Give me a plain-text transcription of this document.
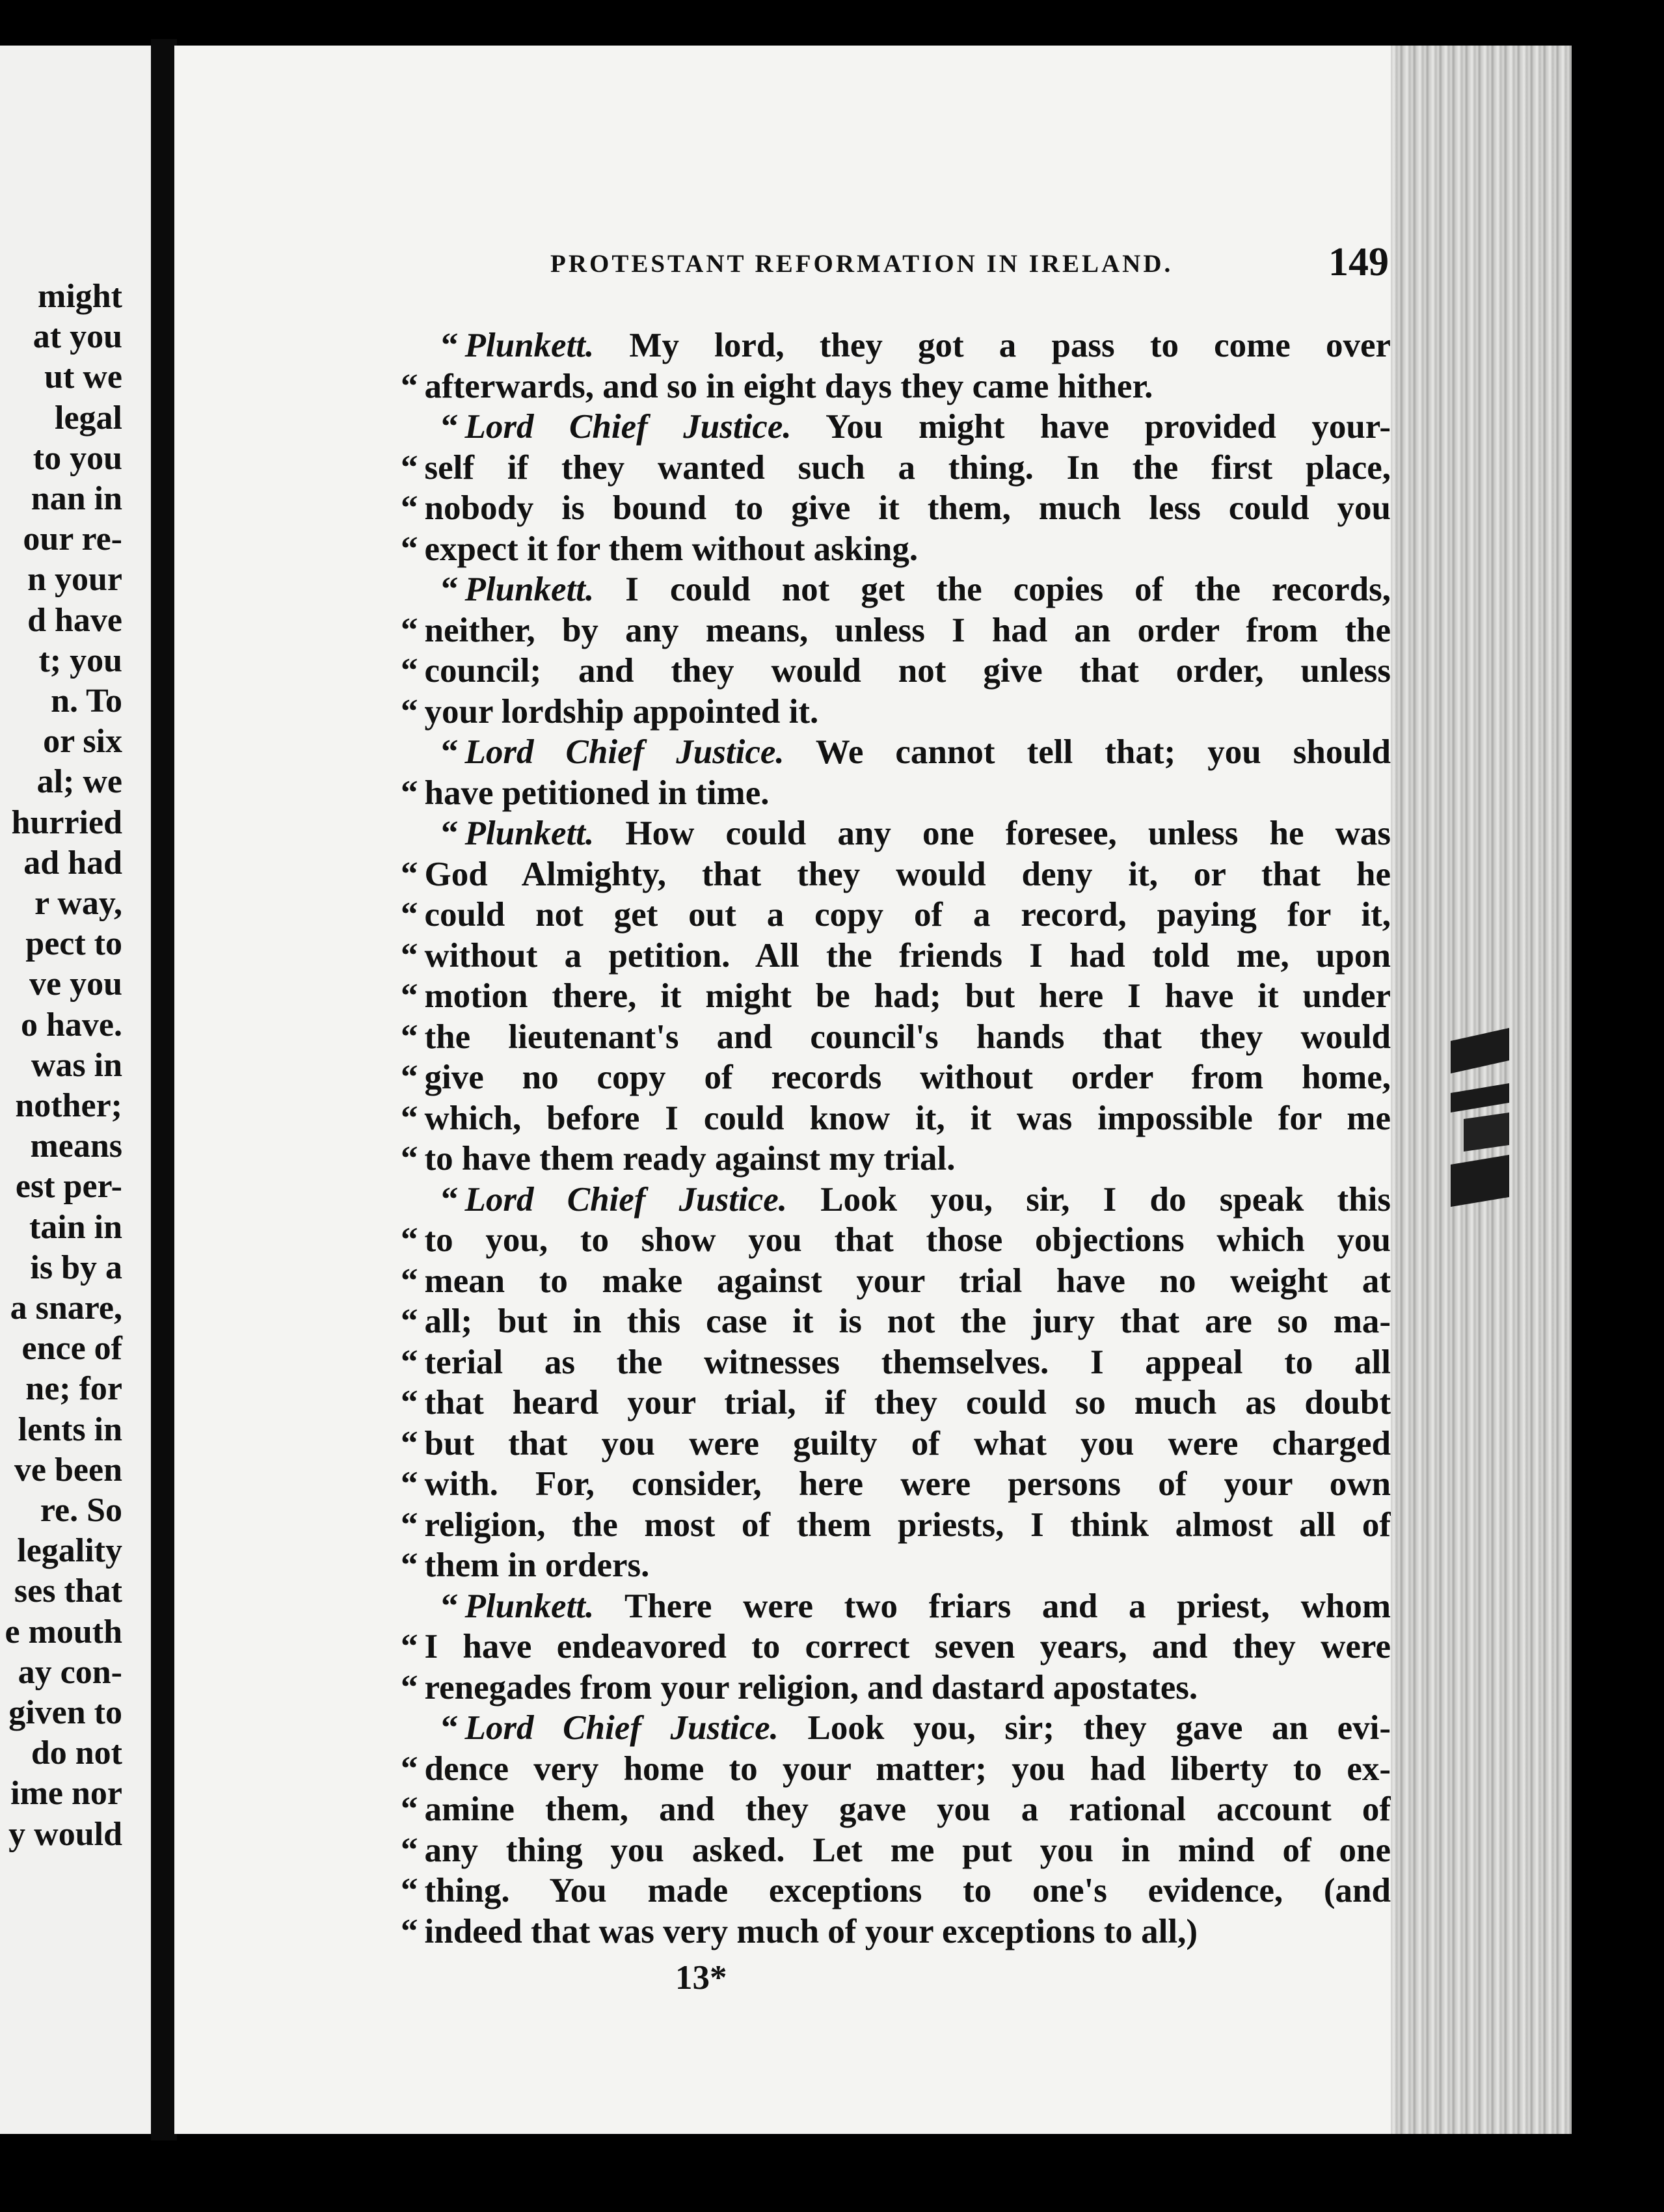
might
at you
ut we
legal
to you
nan in
our re-
n your
d have
t; you
n. To
or six
al; we
hurried
ad had
r way,
pect to
ve you
o have.
was in
nother;
means
est per-
tain in
is by a
a snare,
ence of
ne; for
lents in
ve been
re. So
legality
ses that
e mouth
ay con-
given to
do not
ime nor
y would
PROTESTANT REFORMATION IN IRELAND.	149
“ Plunkett. My lord, they got a pass to come over
“ afterwards, and so in eight days they came hither.
“ Lord Chief Justice. You might have provided your-
“ self if they wanted such a thing. In the first place,
“ nobody is bound to give it them, much less could you
“ expect it for them without asking.
“ Plunkett. I could not get the copies of the records,
“ neither, by any means, unless I had an order from the
“ council; and they would not give that order, unless
“ your lordship appointed it.
“ Lord Chief Justice. We cannot tell that; you should
“ have petitioned in time.
“ Plunkett. How could any one foresee, unless he was
“ God Almighty, that they would deny it, or that he
“ could not get out a copy of a record, paying for it,
“ without a petition. All the friends I had told me, upon
“ motion there, it might be had; but here I have it under
“ the lieutenant's and council's hands that they would
“ give no copy of records without order from home,
“ which, before I could know it, it was impossible for me
“ to have them ready against my trial.
“ Lord Chief Justice. Look you, sir, I do speak this
“ to you, to show you that those objections which you
“ mean to make against your trial have no weight at
“ all; but in this case it is not the jury that are so ma-
“ terial as the witnesses themselves. I appeal to all
“ that heard your trial, if they could so much as doubt
“ but that you were guilty of what you were charged
“ with. For, consider, here were persons of your own
“ religion, the most of them priests, I think almost all of
“ them in orders.
“ Plunkett. There were two friars and a priest, whom
“ I have endeavored to correct seven years, and they were
“ renegades from your religion, and dastard apostates.
“ Lord Chief Justice. Look you, sir; they gave an evi-
“ dence very home to your matter; you had liberty to ex-
“ amine them, and they gave you a rational account of
“ any thing you asked. Let me put you in mind of one
“ thing. You made exceptions to one's evidence, (and
“ indeed that was very much of your exceptions to all,)
13*
